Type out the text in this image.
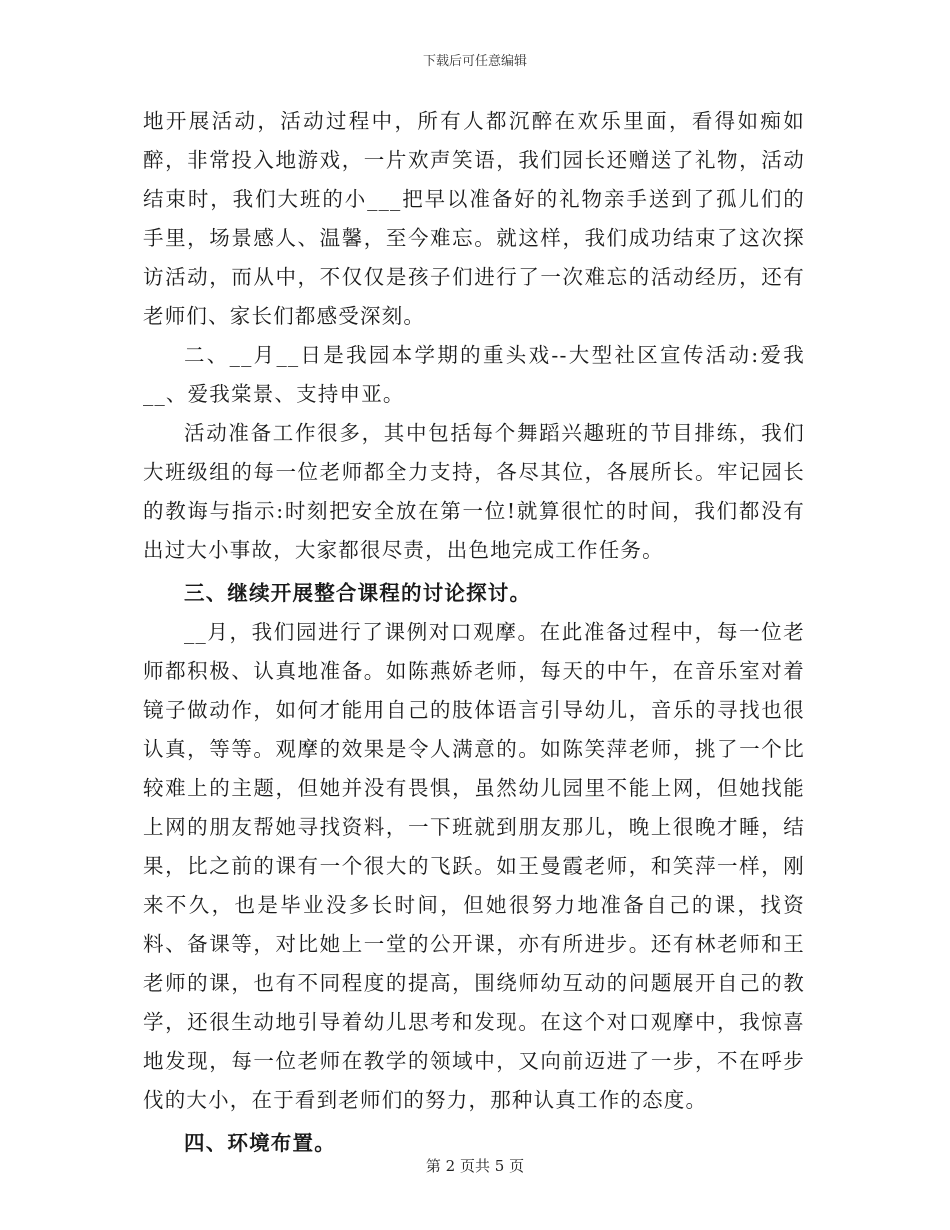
下载后可任意编辑

地开展活动，活动过程中，所有人都沉醉在欢乐里面，看得如痴如醉，非常投入地游戏，一片欢声笑语，我们园长还赠送了礼物，活动结束时，我们大班的小___把早以准备好的礼物亲手送到了孤儿们的手里，场景感人、温馨，至今难忘。就这样，我们成功结束了这次探访活动，而从中，不仅仅是孩子们进行了一次难忘的活动经历，还有老师们、家长们都感受深刻。

二、__月__日是我园本学期的重头戏--大型社区宣传活动:爱我__、爱我棠景、支持申亚。

活动准备工作很多，其中包括每个舞蹈兴趣班的节目排练，我们大班级组的每一位老师都全力支持，各尽其位，各展所长。牢记园长的教诲与指示:时刻把安全放在第一位!就算很忙的时间，我们都没有出过大小事故，大家都很尽责，出色地完成工作任务。

三、继续开展整合课程的讨论探讨。

__月，我们园进行了课例对口观摩。在此准备过程中，每一位老师都积极、认真地准备。如陈燕娇老师，每天的中午，在音乐室对着镜子做动作，如何才能用自己的肢体语言引导幼儿，音乐的寻找也很认真，等等。观摩的效果是令人满意的。如陈笑萍老师，挑了一个比较难上的主题，但她并没有畏惧，虽然幼儿园里不能上网，但她找能上网的朋友帮她寻找资料，一下班就到朋友那儿，晚上很晚才睡，结果，比之前的课有一个很大的飞跃。如王曼霞老师，和笑萍一样，刚来不久，也是毕业没多长时间，但她很努力地准备自己的课，找资料、备课等，对比她上一堂的公开课，亦有所进步。还有林老师和王老师的课，也有不同程度的提高，围绕师幼互动的问题展开自己的教学，还很生动地引导着幼儿思考和发现。在这个对口观摩中，我惊喜地发现，每一位老师在教学的领域中，又向前迈进了一步，不在呼步伐的大小，在于看到老师们的努力，那种认真工作的态度。

四、环境布置。

第 2 页共 5 页
